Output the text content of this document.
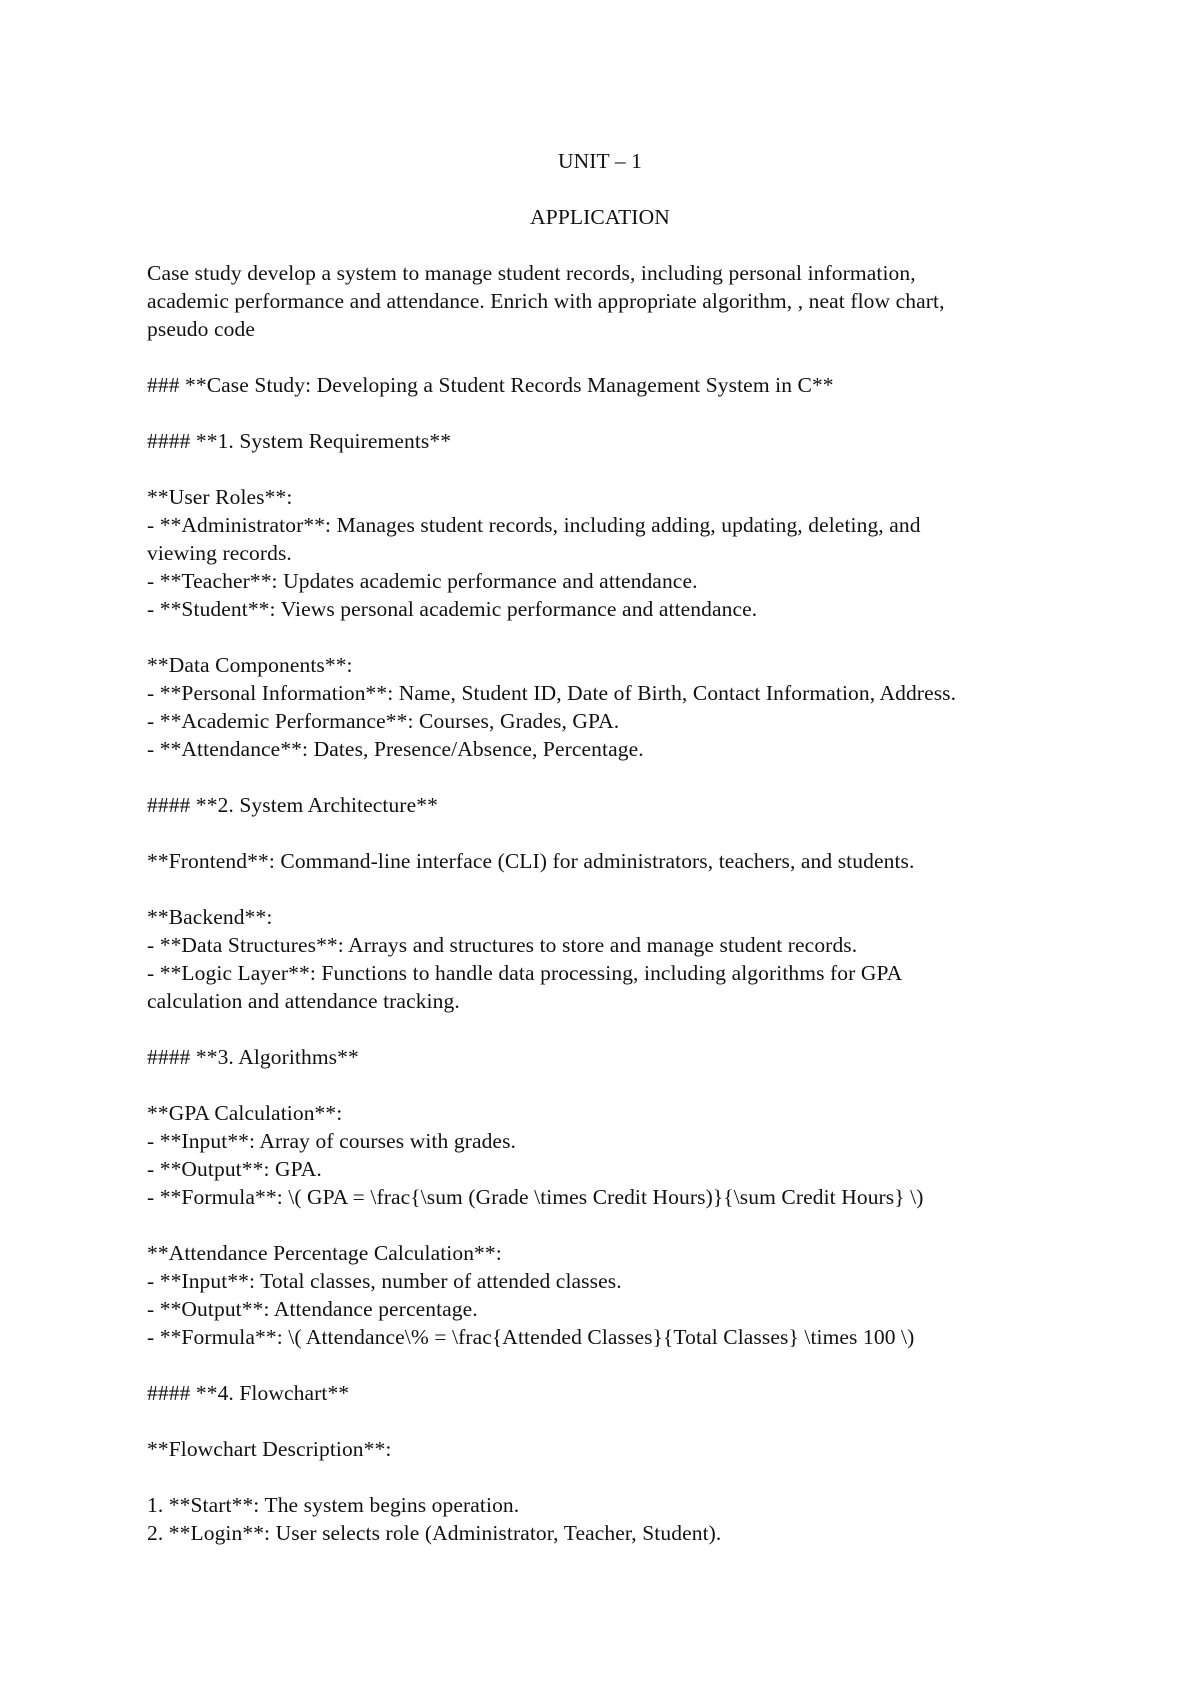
UNIT – 1
APPLICATION
Case study develop a system to manage student records, including personal information,
academic performance and attendance. Enrich with appropriate algorithm, , neat flow chart,
pseudo code
### **Case Study: Developing a Student Records Management System in C**
#### **1. System Requirements**
**User Roles**:
- **Administrator**: Manages student records, including adding, updating, deleting, and
viewing records.
- **Teacher**: Updates academic performance and attendance.
- **Student**: Views personal academic performance and attendance.
**Data Components**:
- **Personal Information**: Name, Student ID, Date of Birth, Contact Information, Address.
- **Academic Performance**: Courses, Grades, GPA.
- **Attendance**: Dates, Presence/Absence, Percentage.
#### **2. System Architecture**
**Frontend**: Command-line interface (CLI) for administrators, teachers, and students.
**Backend**:
- **Data Structures**: Arrays and structures to store and manage student records.
- **Logic Layer**: Functions to handle data processing, including algorithms for GPA
calculation and attendance tracking.
#### **3. Algorithms**
**GPA Calculation**:
- **Input**: Array of courses with grades.
- **Output**: GPA.
- **Formula**: \( GPA = \frac{\sum (Grade \times Credit Hours)}{\sum Credit Hours} \)
**Attendance Percentage Calculation**:
- **Input**: Total classes, number of attended classes.
- **Output**: Attendance percentage.
- **Formula**: \( Attendance\% = \frac{Attended Classes}{Total Classes} \times 100 \)
#### **4. Flowchart**
**Flowchart Description**:
1. **Start**: The system begins operation.
2. **Login**: User selects role (Administrator, Teacher, Student).
